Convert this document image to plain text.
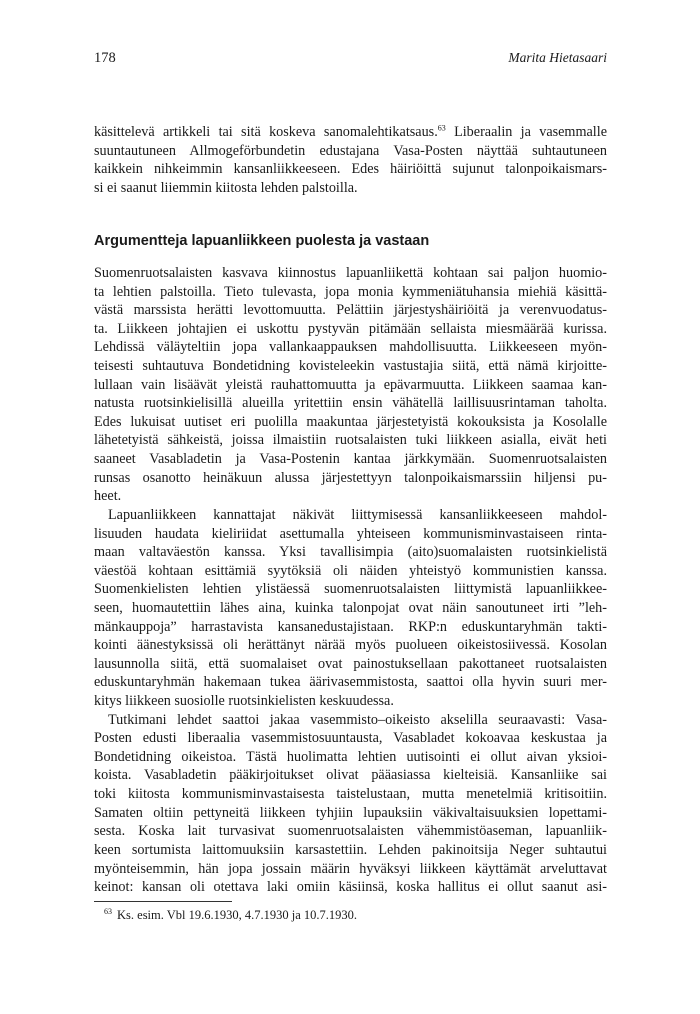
178	Marita Hietasaari
käsittelevä artikkeli tai sitä koskeva sanomalehtikatsaus.$^{63}$ Liberaalin ja vasemmalle
suuntautuneen Allmogeförbundetin edustajana Vasa-Posten näyttää suhtautuneen
kaikkein nihkeimmin kansanliikkeeseen. Edes häiriöittä sujunut talonpoikaismars-
si ei saanut liiemmin kiitosta lehden palstoilla.
Argumentteja lapuanliikkeen puolesta ja vastaan
Suomenruotsalaisten kasvava kiinnostus lapuanliikettä kohtaan sai paljon huomio-
ta lehtien palstoilla. Tieto tulevasta, jopa monia kymmeniätuhansia miehiä käsittä-
västä marssista herätti levottomuutta. Pelättiin järjestyshäiriöitä ja verenvuodatus-
ta. Liikkeen johtajien ei uskottu pystyvän pitämään sellaista miesmäärää kurissa.
Lehdissä väläyteltiin jopa vallankaappauksen mahdollisuutta. Liikkeeseen myön-
teisesti suhtautuva Bondetidning kovisteleekin vastustajia siitä, että nämä kirjoitte-
lullaan vain lisäävät yleistä rauhattomuutta ja epävarmuutta. Liikkeen saamaa kan-
natusta ruotsinkielisillä alueilla yritettiin ensin vähätellä laillisuusrintaman taholta.
Edes lukuisat uutiset eri puolilla maakuntaa järjestetyistä kokouksista ja Kosolalle
lähetetyistä sähkeistä, joissa ilmaistiin ruotsalaisten tuki liikkeen asialla, eivät heti
saaneet Vasabladetin ja Vasa-Postenin kantaa järkkymään. Suomenruotsalaisten
runsas osanotto heinäkuun alussa järjestettyyn talonpoikaismarssiin hiljensi pu-
heet.
Lapuanliikkeen kannattajat näkivät liittymisessä kansanliikkeeseen mahdol-
lisuuden haudata kieliriidat asettumalla yhteiseen kommunisminvastaiseen rinta-
maan valtaväestön kanssa. Yksi tavallisimpia (aito)suomalaisten ruotsinkielistä
väestöä kohtaan esittämiä syytöksiä oli näiden yhteistyö kommunistien kanssa.
Suomenkielisten lehtien ylistäessä suomenruotsalaisten liittymistä lapuanliikkee-
seen, huomautettiin lähes aina, kuinka talonpojat ovat näin sanoutuneet irti ”leh-
mänkauppoja” harrastavista kansanedustajistaan. RKP:n eduskuntaryhmän takti-
kointi äänestyksissä oli herättänyt närää myös puolueen oikeistosiivessä. Kosolan
lausunnolla siitä, että suomalaiset ovat painostuksellaan pakottaneet ruotsalaisten
eduskuntaryhmän hakemaan tukea äärivasemmistosta, saattoi olla hyvin suuri mer-
kitys liikkeen suosiolle ruotsinkielisten keskuudessa.
Tutkimani lehdet saattoi jakaa vasemmisto–oikeisto akselilla seuraavasti: Vasa-
Posten edusti liberaalia vasemmistosuuntausta, Vasabladet kokoavaa keskustaa ja
Bondetidning oikeistoa. Tästä huolimatta lehtien uutisointi ei ollut aivan yksioi-
koista. Vasabladetin pääkirjoitukset olivat pääasiassa kielteisiä. Kansanliike sai
toki kiitosta kommunisminvastaisesta taistelustaan, mutta menetelmiä kritisoitiin.
Samaten oltiin pettyneitä liikkeen tyhjiin lupauksiin väkivaltaisuuksien lopettami-
sesta. Koska lait turvasivat suomenruotsalaisten vähemmistöaseman, lapuanliik-
keen sortumista laittomuuksiin karsastettiin. Lehden pakinoitsija Neger suhtautui
myönteisemmin, hän jopa jossain määrin hyväksyi liikkeen käyttämät arveluttavat
keinot: kansan oli otettava laki omiin käsiinsä, koska hallitus ei ollut saanut asi-
$^{63}$ Ks. esim. Vbl 19.6.1930, 4.7.1930 ja 10.7.1930.
